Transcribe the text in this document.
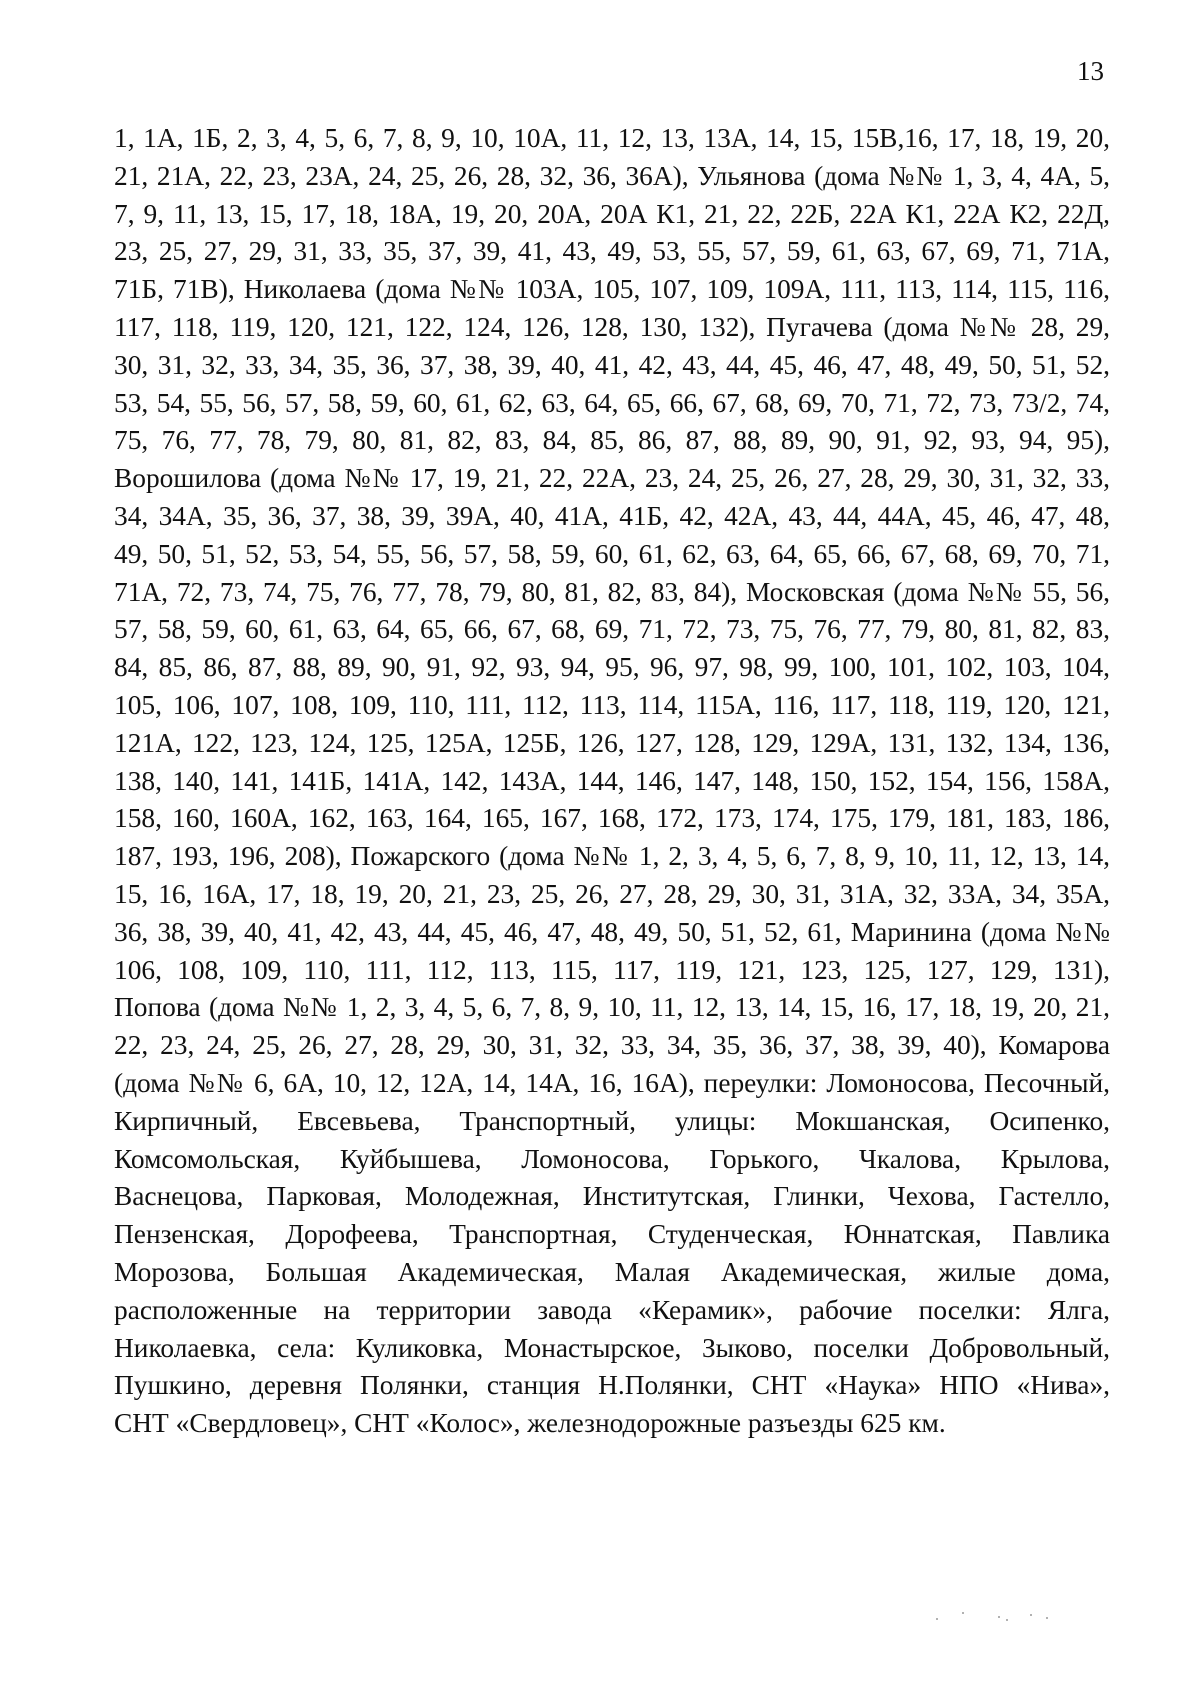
13

1, 1А, 1Б, 2, 3, 4, 5, 6, 7, 8, 9, 10, 10А, 11, 12, 13, 13А, 14, 15, 15В,16, 17, 18, 19, 20,
21, 21А, 22, 23, 23А, 24, 25, 26, 28, 32, 36, 36А), Ульянова (дома №№ 1, 3, 4, 4А, 5,
7, 9, 11, 13, 15, 17, 18, 18А, 19, 20, 20А, 20А К1, 21, 22, 22Б, 22А К1, 22А К2, 22Д,
23, 25, 27, 29, 31, 33, 35, 37, 39, 41, 43, 49, 53, 55, 57, 59, 61, 63, 67, 69, 71, 71А,
71Б, 71В), Николаева (дома №№ 103А, 105, 107, 109, 109А, 111, 113, 114, 115, 116,
117, 118, 119, 120, 121, 122, 124, 126, 128, 130, 132), Пугачева (дома №№ 28, 29,
30, 31, 32, 33, 34, 35, 36, 37, 38, 39, 40, 41, 42, 43, 44, 45, 46, 47, 48, 49, 50, 51, 52,
53, 54, 55, 56, 57, 58, 59, 60, 61, 62, 63, 64, 65, 66, 67, 68, 69, 70, 71, 72, 73, 73/2, 74,
75, 76, 77, 78, 79, 80, 81, 82, 83, 84, 85, 86, 87, 88, 89, 90, 91, 92, 93, 94, 95),
Ворошилова (дома №№ 17, 19, 21, 22, 22А, 23, 24, 25, 26, 27, 28, 29, 30, 31, 32, 33,
34, 34А, 35, 36, 37, 38, 39, 39А, 40, 41А, 41Б, 42, 42А, 43, 44, 44А, 45, 46, 47, 48,
49, 50, 51, 52, 53, 54, 55, 56, 57, 58, 59, 60, 61, 62, 63, 64, 65, 66, 67, 68, 69, 70, 71,
71А, 72, 73, 74, 75, 76, 77, 78, 79, 80, 81, 82, 83, 84), Московская (дома №№ 55, 56,
57, 58, 59, 60, 61, 63, 64, 65, 66, 67, 68, 69, 71, 72, 73, 75, 76, 77, 79, 80, 81, 82, 83,
84, 85, 86, 87, 88, 89, 90, 91, 92, 93, 94, 95, 96, 97, 98, 99, 100, 101, 102, 103, 104,
105, 106, 107, 108, 109, 110, 111, 112, 113, 114, 115А, 116, 117, 118, 119, 120, 121,
121А, 122, 123, 124, 125, 125А, 125Б, 126, 127, 128, 129, 129А, 131, 132, 134, 136,
138, 140, 141, 141Б, 141А, 142, 143А, 144, 146, 147, 148, 150, 152, 154, 156, 158А,
158, 160, 160А, 162, 163, 164, 165, 167, 168, 172, 173, 174, 175, 179, 181, 183, 186,
187, 193, 196, 208), Пожарского (дома №№ 1, 2, 3, 4, 5, 6, 7, 8, 9, 10, 11, 12, 13, 14,
15, 16, 16А, 17, 18, 19, 20, 21, 23, 25, 26, 27, 28, 29, 30, 31, 31А, 32, 33А, 34, 35А,
36, 38, 39, 40, 41, 42, 43, 44, 45, 46, 47, 48, 49, 50, 51, 52, 61, Маринина (дома №№
106, 108, 109, 110, 111, 112, 113, 115, 117, 119, 121, 123, 125, 127, 129, 131),
Попова (дома №№ 1, 2, 3, 4, 5, 6, 7, 8, 9, 10, 11, 12, 13, 14, 15, 16, 17, 18, 19, 20, 21,
22, 23, 24, 25, 26, 27, 28, 29, 30, 31, 32, 33, 34, 35, 36, 37, 38, 39, 40), Комарова
(дома №№ 6, 6А, 10, 12, 12А, 14, 14А, 16, 16А), переулки: Ломоносова, Песочный,
Кирпичный, Евсевьева, Транспортный, улицы: Мокшанская, Осипенко,
Комсомольская, Куйбышева, Ломоносова, Горького, Чкалова, Крылова,
Васнецова, Парковая, Молодежная, Институтская, Глинки, Чехова, Гастелло,
Пензенская, Дорофеева, Транспортная, Студенческая, Юннатская, Павлика
Морозова, Большая Академическая, Малая Академическая, жилые дома,
расположенные на территории завода «Керамик», рабочие поселки: Ялга,
Николаевка, села: Куликовка, Монастырское, Зыково, поселки Добровольный,
Пушкино, деревня Полянки, станция Н.Полянки, СНТ «Наука» НПО «Нива»,
СНТ «Свердловец», СНТ «Колос», железнодорожные разъезды 625 км.
